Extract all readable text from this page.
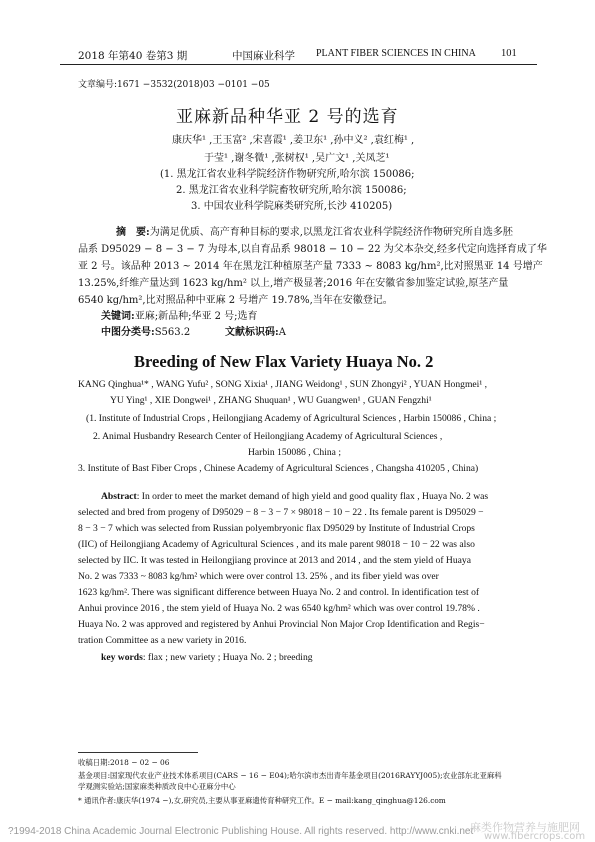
2018 年第40 卷第3 期	中国麻业科学 PLANT FIBER SCIENCES IN CHINA 101
文章编号:1671 −3532(2018)03 −0101 −05
亚麻新品种华亚 2 号的选育
康庆华¹ ,王玉富² ,宋喜霞¹ ,姜卫东¹ ,孙中义² ,袁红梅¹ ,
于莹¹ ,谢冬微¹ ,张树权¹ ,吴广文¹ ,关凤芝¹
(1. 黑龙江省农业科学院经济作物研究所,哈尔滨 150086;
2. 黑龙江省农业科学院畜牧研究所,哈尔滨 150086;
3. 中国农业科学院麻类研究所,长沙 410205)
摘　要:为满足优质、高产育种目标的要求,以黑龙江省农业科学院经济作物研究所自选多胚
品系 D95029 − 8 − 3 − 7 为母本,以自育品系 98018 − 10 − 22 为父本杂交,经多代定向选择育成了华
亚 2 号。该品种 2013 ~ 2014 年在黑龙江种植原茎产量 7333 ~ 8083 kg/hm²,比对照黑亚 14 号增产
13.25%,纤维产量达到 1623 kg/hm² 以上,增产极显著;2016 年在安徽省参加鉴定试验,原茎产量
6540 kg/hm²,比对照品种中亚麻 2 号增产 19.78%,当年在安徽登记。
关键词:亚麻;新品种;华亚 2 号;选育
中图分类号:S563.2	文献标识码:A
Breeding of New Flax Variety Huaya No. 2
KANG Qinghua¹* , WANG Yufu² , SONG Xixia¹ , JIANG Weidong¹ , SUN Zhongyi² , YUAN Hongmei¹ ,
YU Ying¹ , XIE Dongwei¹ , ZHANG Shuquan¹ , WU Guangwen¹ , GUAN Fengzhi¹
(1. Institute of Industrial Crops , Heilongjiang Academy of Agricultural Sciences , Harbin 150086 , China ;
2. Animal Husbandry Research Center of Heilongjiang Academy of Agricultural Sciences ,
Harbin 150086 , China ;
3. Institute of Bast Fiber Crops , Chinese Academy of Agricultural Sciences , Changsha 410205 , China)
Abstract: In order to meet the market demand of high yield and good quality flax , Huaya No. 2 was
selected and bred from progeny of D95029 − 8 − 3 − 7 × 98018 − 10 − 22 . Its female parent is D95029 −
8 − 3 − 7 which was selected from Russian polyembryonic flax D95029 by Institute of Industrial Crops
(IIC) of Heilongjiang Academy of Agricultural Sciences , and its male parent 98018 − 10 − 22 was also
selected by IIC. It was tested in Heilongjiang province at 2013 and 2014 , and the stem yield of Huaya
No. 2 was 7333 ~ 8083 kg/hm² which were over control 13. 25% , and its fiber yield was over
1623 kg/hm². There was significant difference between Huaya No. 2 and control. In identification test of
Anhui province 2016 , the stem yield of Huaya No. 2 was 6540 kg/hm² which was over control 19.78% .
Huaya No. 2 was approved and registered by Anhui Provincial Non Major Crop Identification and Regis−
tration Committee as a new variety in 2016.
key words: flax ; new variety ; Huaya No. 2 ; breeding
收稿日期:2018 − 02 − 06
基金项目:国家现代农业产业技术体系项目(CARS − 16 − E04);哈尔滨市杰出青年基金项目(2016RAYYJ005);农业部东北亚麻科
学观测实验站;国家麻类种质改良中心亚麻分中心
* 通讯作者:康庆华(1974 −),女,研究员,主要从事亚麻遗传育种研究工作。E − mail:kang_qinghua@126.com
?1994-2018 China Academic Journal Electronic Publishing House. All rights reserved. http://www.cnki.net
麻类作物营养与施肥网
www.fibercrops.com
